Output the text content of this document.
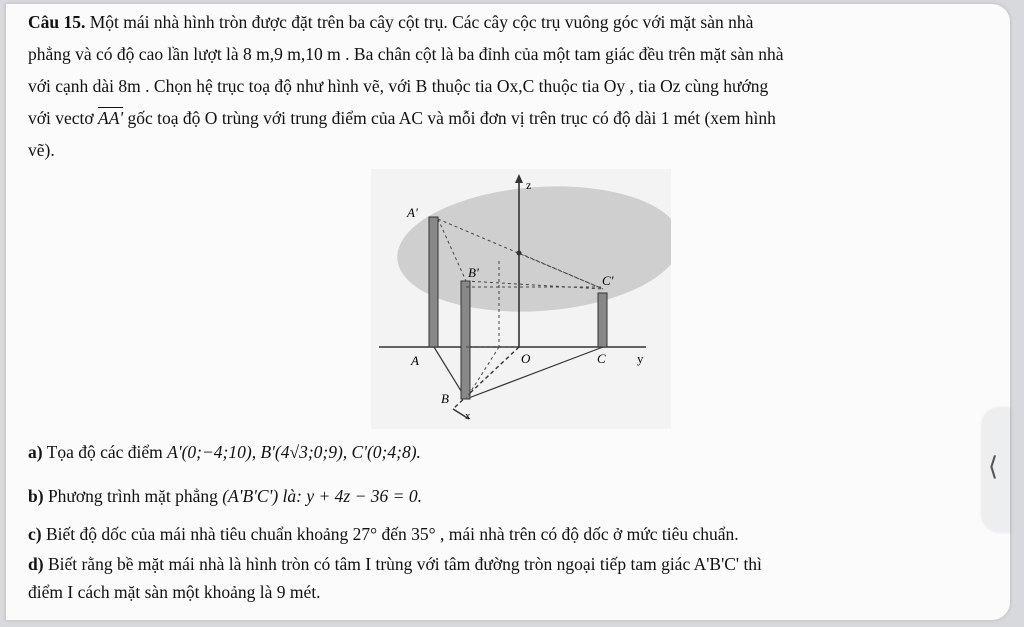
Câu 15. Một mái nhà hình tròn được đặt trên ba cây cột trụ. Các cây cộc trụ vuông góc với mặt sàn nhà
phẳng và có độ cao lần lượt là 8 m,9 m,10 m . Ba chân cột là ba đỉnh của một tam giác đều trên mặt sàn nhà
với cạnh dài 8m . Chọn hệ trục toạ độ như hình vẽ, với B thuộc tia Ox,C thuộc tia Oy , tia Oz cùng hướng
với vectơ AA' gốc toạ độ O trùng với trung điểm của AC và mỗi đơn vị trên trục có độ dài 1 mét (xem hình
vẽ).
z
A'
B'
C'
A	O	C y
B
x
a) Tọa độ các điểm A'(0;−4;10), B'(4√3;0;9), C'(0;4;8).
b) Phương trình mặt phẳng (A'B'C') là: y + 4z − 36 = 0.
c) Biết độ dốc của mái nhà tiêu chuẩn khoảng 27° đến 35° , mái nhà trên có độ dốc ở mức tiêu chuẩn.
d) Biết rằng bề mặt mái nhà là hình tròn có tâm I trùng với tâm đường tròn ngoại tiếp tam giác A'B'C' thì
điểm I cách mặt sàn một khoảng là 9 mét.
⟨
